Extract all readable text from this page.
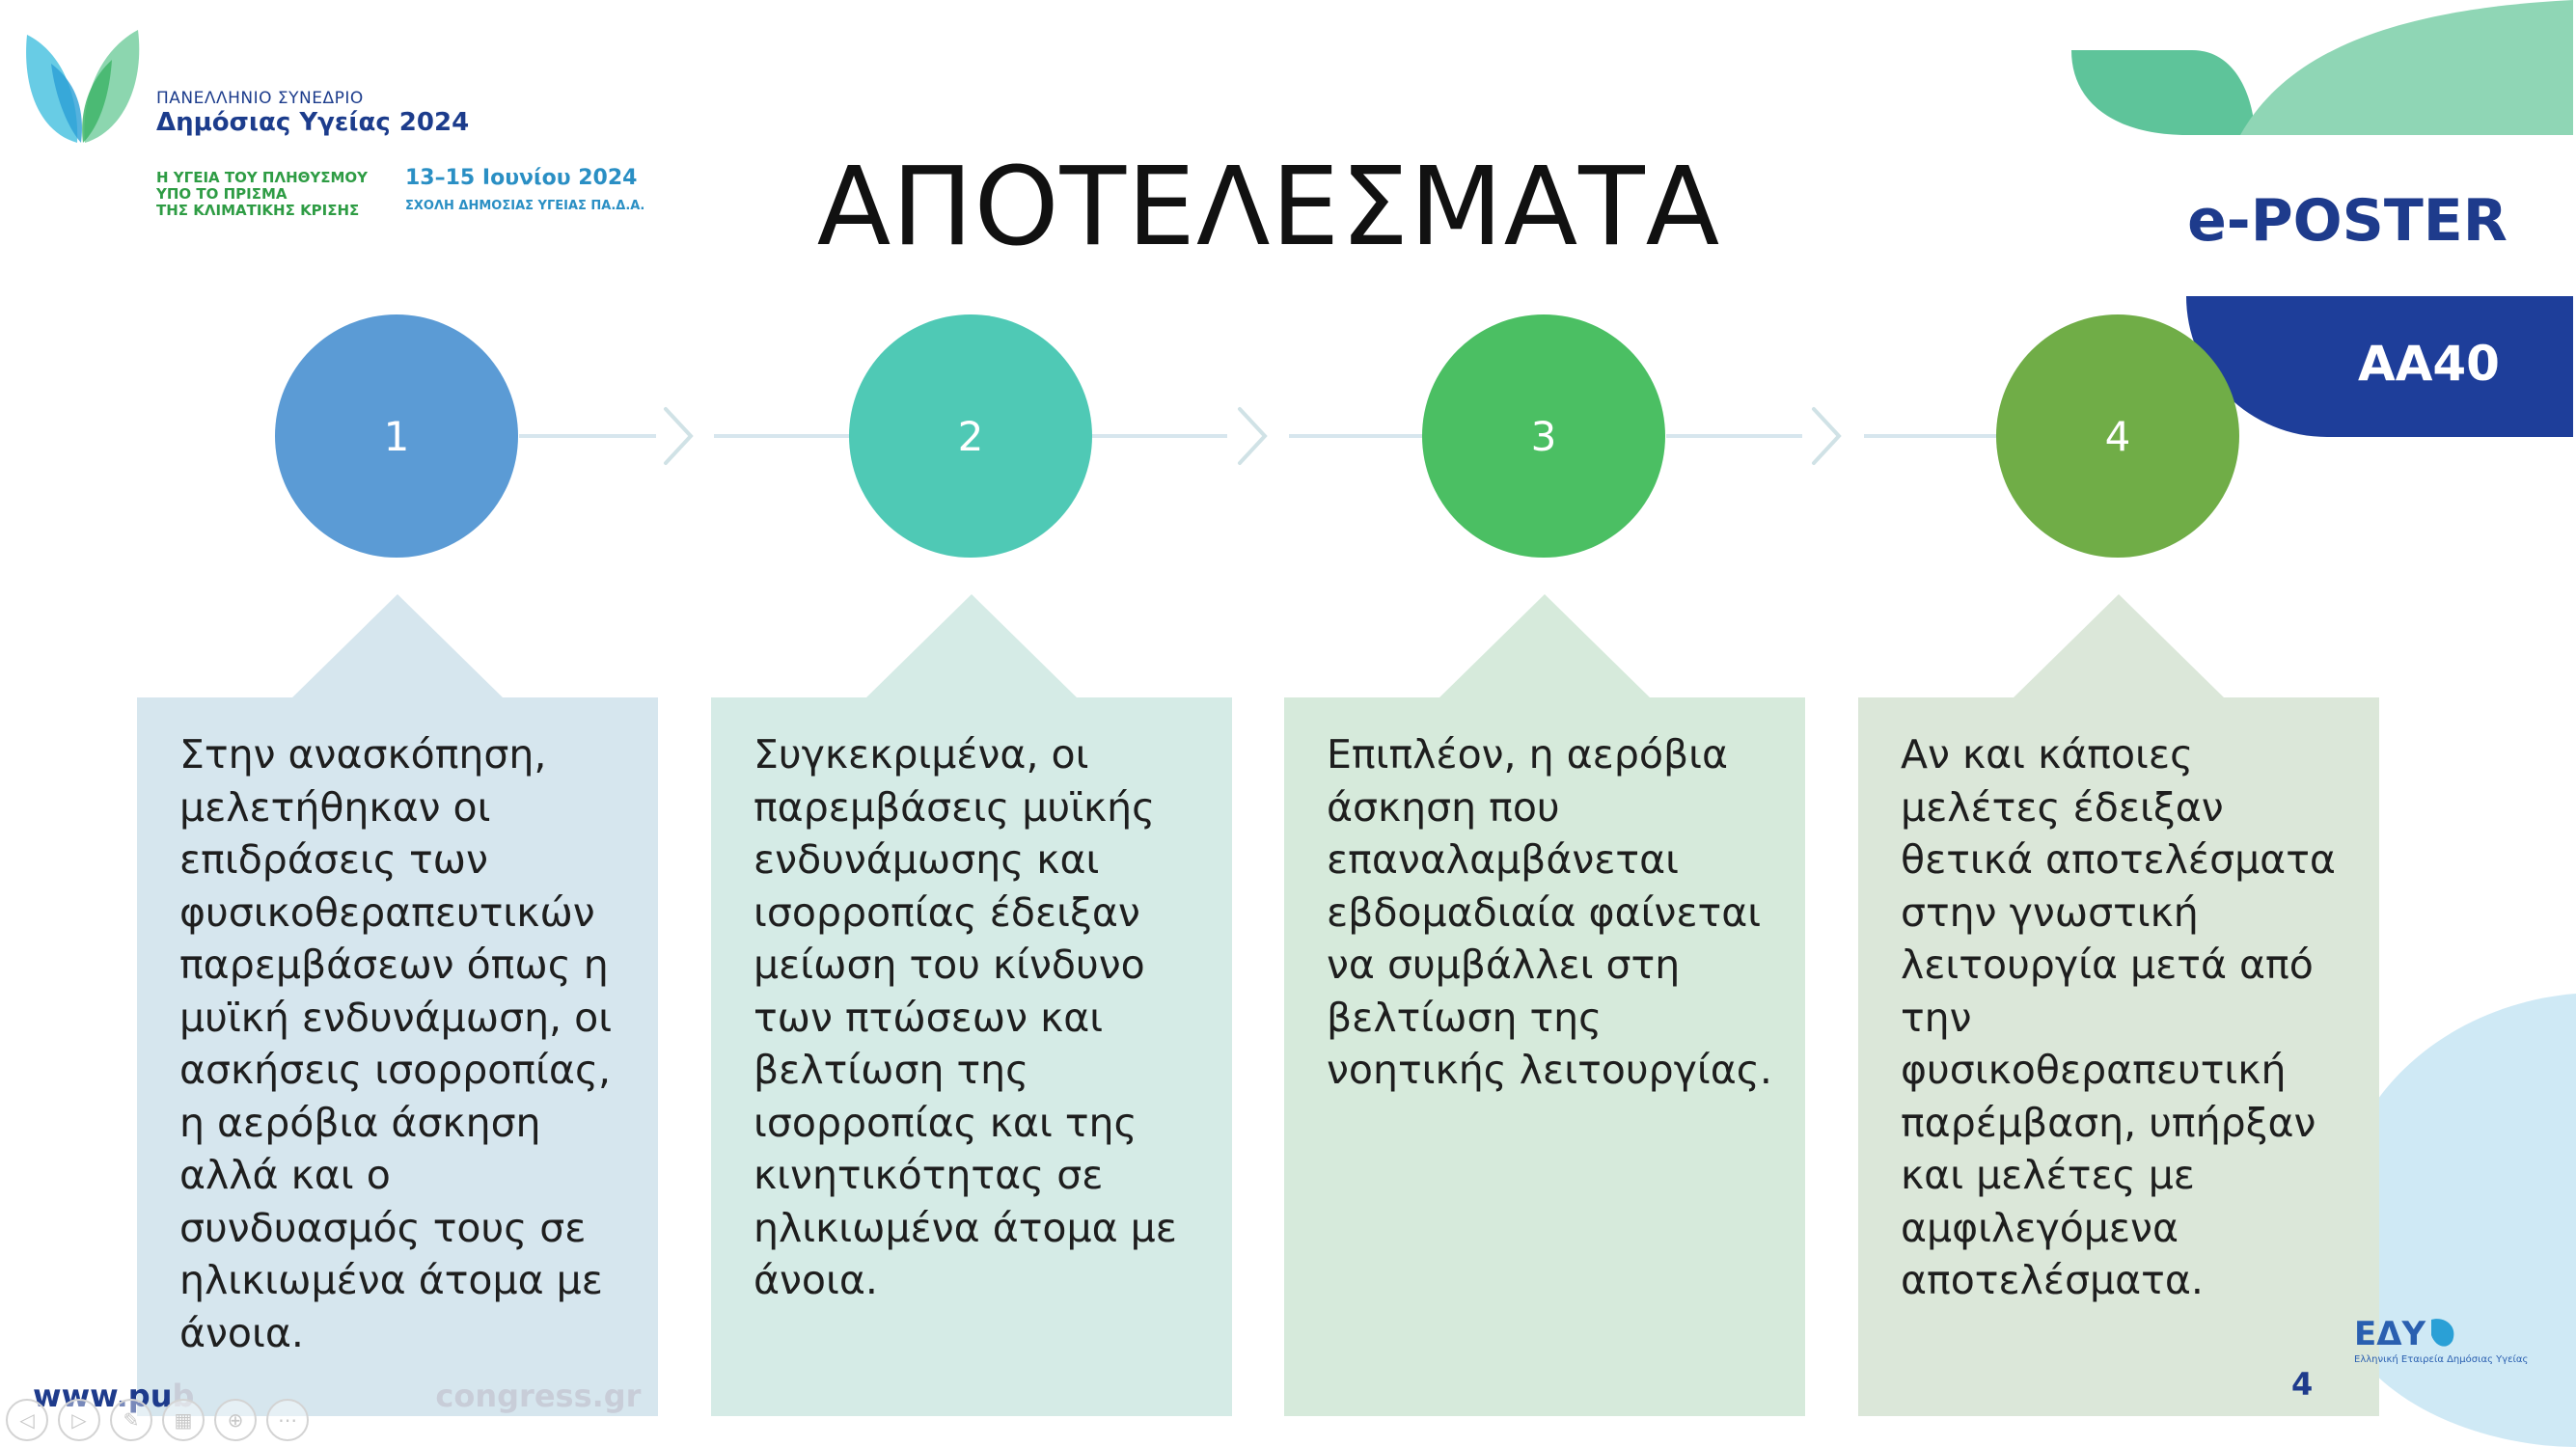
ΠΑΝΕΛΛΗΝΙΟ ΣΥΝΕΔΡΙΟ
Δημόσιας Υγείας 2024
Η ΥΓΕΙΑ ΤΟΥ ΠΛΗΘΥΣΜΟΥ
ΥΠΟ ΤΟ ΠΡΙΣΜΑ
ΤΗΣ ΚΛΙΜΑΤΙΚΗΣ ΚΡΙΣΗΣ
13–15 Ιουνίου 2024
ΣΧΟΛΗ ΔΗΜΟΣΙΑΣ ΥΓΕΙΑΣ ΠΑ.Δ.Α.	ΑΠΟΤΕΛΕΣΜΑΤΑ	e-POSTER
ΑΑ40
1	2	3	4
Στην ανασκόπηση, μελετήθηκαν οι επιδράσεις των φυσικοθεραπευτικών παρεμβάσεων όπως η μυϊκή ενδυνάμωση, οι ασκήσεις ισορροπίας, η αερόβια άσκηση αλλά και ο συνδυασμός τους σε ηλικιωμένα άτομα με άνοια.
Συγκεκριμένα, οι παρεμβάσεις μυϊκής ενδυνάμωσης και ισορροπίας έδειξαν μείωση του κίνδυνο των πτώσεων και βελτίωση της ισορροπίας και της κινητικότητας σε ηλικιωμένα άτομα με άνοια.
Επιπλέον, η αερόβια άσκηση που επαναλαμβάνεται εβδομαδιαία φαίνεται να συμβάλλει στη βελτίωση της νοητικής λειτουργίας.
Αν και κάποιες μελέτες έδειξαν θετικά αποτελέσματα στην γνωστική λειτουργία μετά από την φυσικοθεραπευτική παρέμβαση, υπήρξαν και μελέτες με αμφιλεγόμενα αποτελέσματα.
www.pub	congress.gr	4
ΕΔΥ
Ελληνική Εταιρεία Δημόσιας Υγείας
◁	▷	✎	▦	⊕	⋯
